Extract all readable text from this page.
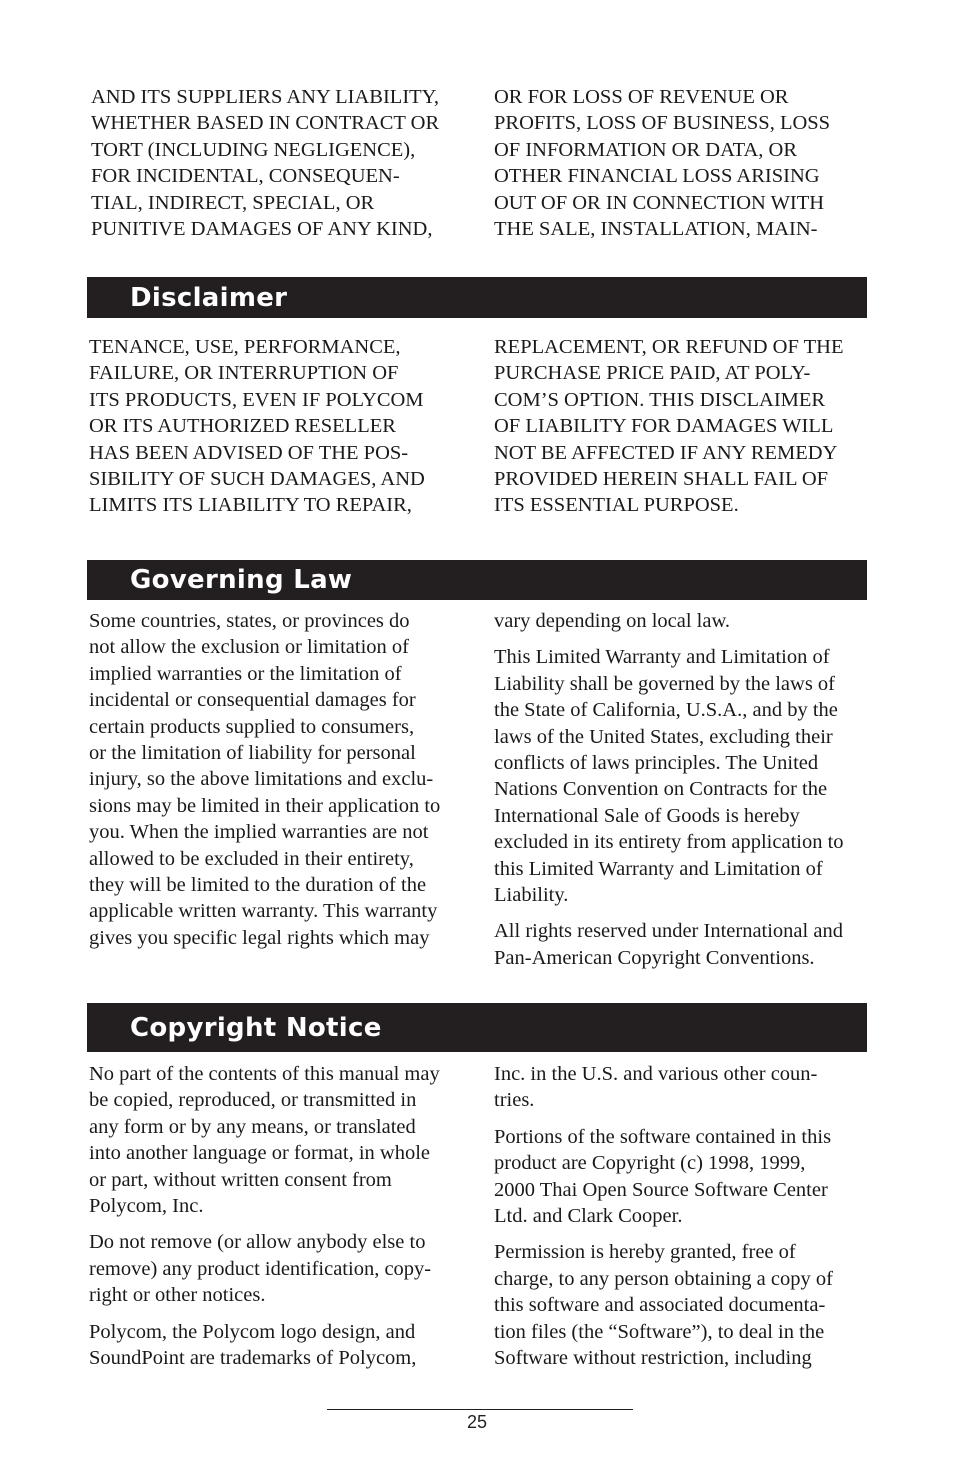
AND ITS SUPPLIERS ANY LIABILITY,
WHETHER BASED IN CONTRACT OR
TORT (INCLUDING NEGLIGENCE),
FOR INCIDENTAL, CONSEQUEN-
TIAL, INDIRECT, SPECIAL, OR
PUNITIVE DAMAGES OF ANY KIND,

OR FOR LOSS OF REVENUE OR
PROFITS, LOSS OF BUSINESS, LOSS
OF INFORMATION OR DATA, OR
OTHER FINANCIAL LOSS ARISING
OUT OF OR IN CONNECTION WITH
THE SALE, INSTALLATION, MAIN-

Disclaimer

TENANCE, USE, PERFORMANCE,
FAILURE, OR INTERRUPTION OF
ITS PRODUCTS, EVEN IF POLYCOM
OR ITS AUTHORIZED RESELLER
HAS BEEN ADVISED OF THE POS-
SIBILITY OF SUCH DAMAGES, AND
LIMITS ITS LIABILITY TO REPAIR,

REPLACEMENT, OR REFUND OF THE
PURCHASE PRICE PAID, AT POLY-
COM’S OPTION. THIS DISCLAIMER
OF LIABILITY FOR DAMAGES WILL
NOT BE AFFECTED IF ANY REMEDY
PROVIDED HEREIN SHALL FAIL OF
ITS ESSENTIAL PURPOSE.

Governing Law

Some countries, states, or provinces do
not allow the exclusion or limitation of
implied warranties or the limitation of
incidental or consequential damages for
certain products supplied to consumers,
or the limitation of liability for personal
injury, so the above limitations and exclu-
sions may be limited in their application to
you. When the implied warranties are not
allowed to be excluded in their entirety,
they will be limited to the duration of the
applicable written warranty. This warranty
gives you specific legal rights which may

vary depending on local law.

This Limited Warranty and Limitation of
Liability shall be governed by the laws of
the State of California, U.S.A., and by the
laws of the United States, excluding their
conflicts of laws principles. The United
Nations Convention on Contracts for the
International Sale of Goods is hereby
excluded in its entirety from application to
this Limited Warranty and Limitation of
Liability.

All rights reserved under International and
Pan-American Copyright Conventions.

Copyright Notice

No part of the contents of this manual may
be copied, reproduced, or transmitted in
any form or by any means, or translated
into another language or format, in whole
or part, without written consent from
Polycom, Inc.

Do not remove (or allow anybody else to
remove) any product identification, copy-
right or other notices.

Polycom, the Polycom logo design, and
SoundPoint are trademarks of Polycom,

Inc. in the U.S. and various other coun-
tries.

Portions of the software contained in this
product are Copyright (c) 1998, 1999,
2000 Thai Open Source Software Center
Ltd. and Clark Cooper.

Permission is hereby granted, free of
charge, to any person obtaining a copy of
this software and associated documenta-
tion files (the “Software”), to deal in the
Software without restriction, including

25
